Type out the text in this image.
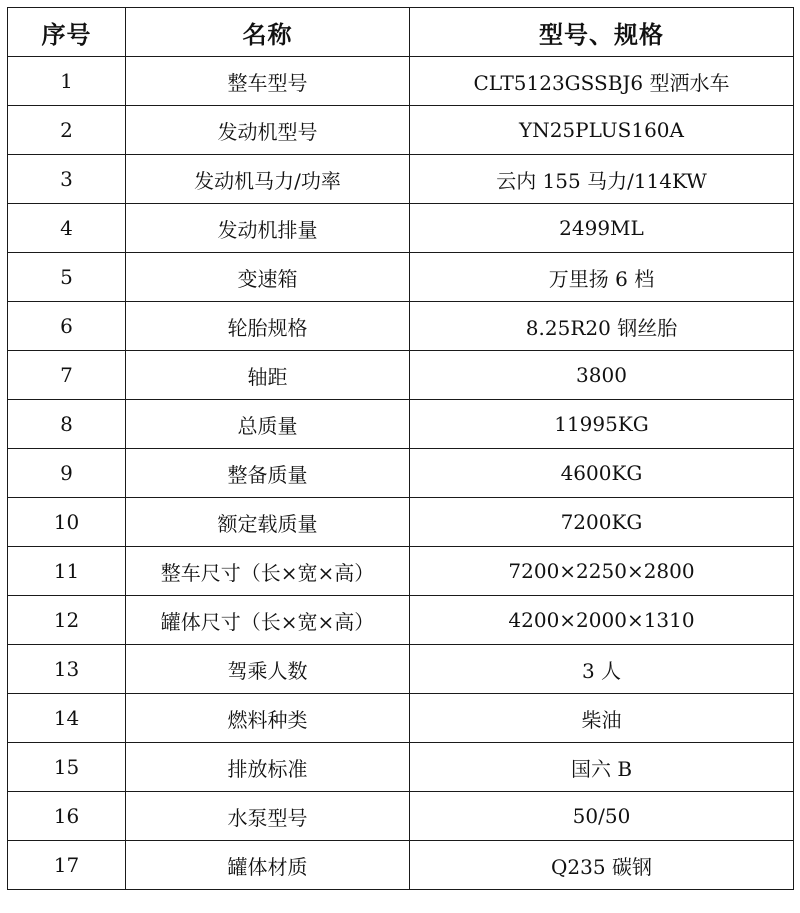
序号	名称	型号、规格
1	整车型号	CLT5123GSSBJ6 型洒水车
2	发动机型号	YN25PLUS160A
3	发动机马力/功率	云内 155 马力/114KW
4	发动机排量	2499ML
5	变速箱	万里扬 6 档
6	轮胎规格	8.25R20 钢丝胎
7	轴距	3800
8	总质量	11995KG
9	整备质量	4600KG
10	额定载质量	7200KG
11	整车尺寸（长×宽×高）	7200×2250×2800
12	罐体尺寸（长×宽×高）	4200×2000×1310
13	驾乘人数	3 人
14	燃料种类	柴油
15	排放标准	国六 B
16	水泵型号	50/50
17	罐体材质	Q235 碳钢
